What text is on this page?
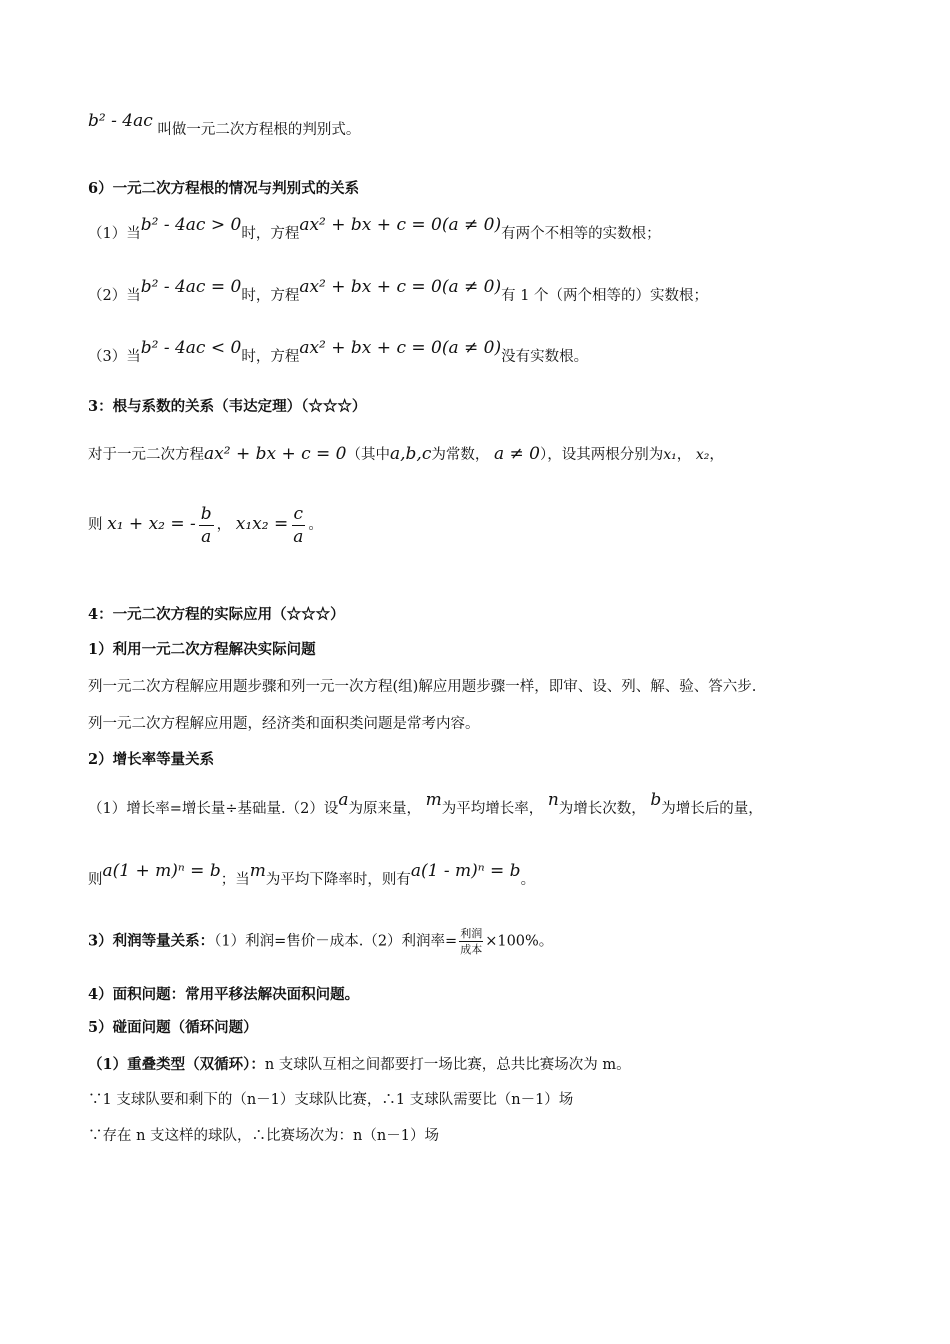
b² - 4ac 叫做一元二次方程根的判别式。
6）一元二次方程根的情况与判别式的关系
（1）当b² - 4ac > 0时，方程ax² + bx + c = 0(a ≠ 0)有两个不相等的实数根；
（2）当b² - 4ac = 0时，方程ax² + bx + c = 0(a ≠ 0)有 1 个（两个相等的）实数根；
（3）当b² - 4ac < 0时，方程ax² + bx + c = 0(a ≠ 0)没有实数根。
3：根与系数的关系（韦达定理）（☆☆☆）
对于一元二次方程ax² + bx + c = 0（其中a,b,c为常数， a ≠ 0），设其两根分别为x₁， x₂，
则 x₁ + x₂ = - $\frac{b}{a}$ ， $x_1x_2 = \frac{c}{a}$ 。
4：一元二次方程的实际应用（☆☆☆）
1）利用一元二次方程解决实际问题
列一元二次方程解应用题步骤和列一元一次方程(组)解应用题步骤一样，即审、设、列、解、验、答六步.
列一元二次方程解应用题，经济类和面积类问题是常考内容。
2）增长率等量关系
（1）增长率=增长量÷基础量.（2）设a为原来量， m为平均增长率， n为增长次数， b为增长后的量，
则a(1 + m)ⁿ = b；当m为平均下降率时，则有a(1 - m)ⁿ = b。
3）利润等量关系：（1）利润=售价－成本.（2）利润率= $\frac{\text{利润}}{\text{成本}} \times 100\%$。
4）面积问题：常用平移法解决面积问题。
5）碰面问题（循环问题）
（1）重叠类型（双循环）：n 支球队互相之间都要打一场比赛，总共比赛场次为 m。
∵1 支球队要和剩下的（n－1）支球队比赛，∴1 支球队需要比（n－1）场
∵存在 n 支这样的球队，∴比赛场次为：n（n－1）场
